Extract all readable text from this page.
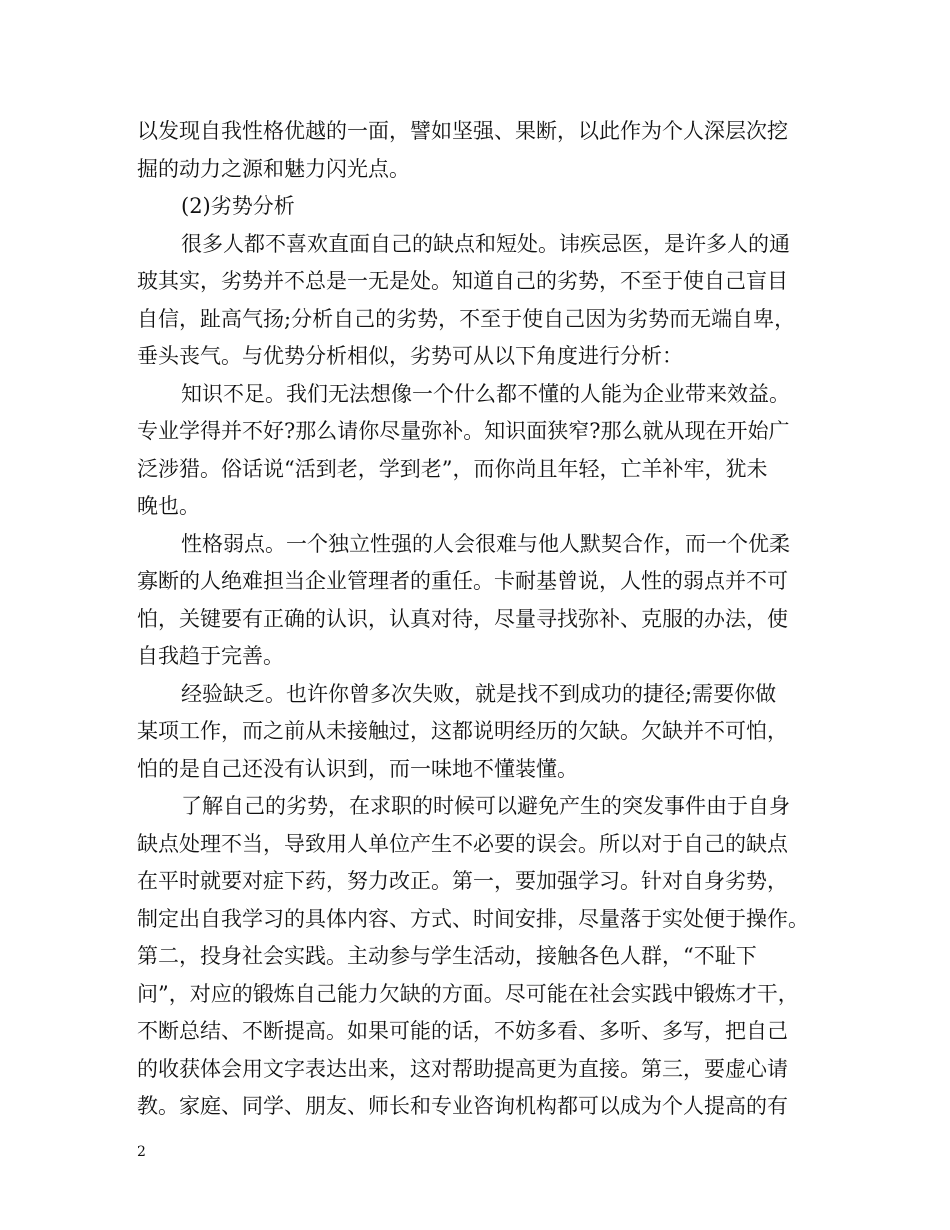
以发现自我性格优越的一面，譬如坚强、果断，以此作为个人深层次挖
掘的动力之源和魅力闪光点。
(2)劣势分析
很多人都不喜欢直面自己的缺点和短处。讳疾忌医，是许多人的通
玻其实，劣势并不总是一无是处。知道自己的劣势，不至于使自己盲目
自信，趾高气扬;分析自己的劣势，不至于使自己因为劣势而无端自卑，
垂头丧气。与优势分析相似，劣势可从以下角度进行分析：
知识不足。我们无法想像一个什么都不懂的人能为企业带来效益。
专业学得并不好?那么请你尽量弥补。知识面狭窄?那么就从现在开始广
泛涉猎。俗话说“活到老，学到老”，而你尚且年轻，亡羊补牢，犹未
晚也。
性格弱点。一个独立性强的人会很难与他人默契合作，而一个优柔
寡断的人绝难担当企业管理者的重任。卡耐基曾说，人性的弱点并不可
怕，关键要有正确的认识，认真对待，尽量寻找弥补、克服的办法，使
自我趋于完善。
经验缺乏。也许你曾多次失败，就是找不到成功的捷径;需要你做
某项工作，而之前从未接触过，这都说明经历的欠缺。欠缺并不可怕，
怕的是自己还没有认识到，而一味地不懂装懂。
了解自己的劣势，在求职的时候可以避免产生的突发事件由于自身
缺点处理不当，导致用人单位产生不必要的误会。所以对于自己的缺点
在平时就要对症下药，努力改正。第一，要加强学习。针对自身劣势，
制定出自我学习的具体内容、方式、时间安排，尽量落于实处便于操作。
第二，投身社会实践。主动参与学生活动，接触各色人群，“不耻下
问”，对应的锻炼自己能力欠缺的方面。尽可能在社会实践中锻炼才干，
不断总结、不断提高。如果可能的话，不妨多看、多听、多写，把自己
的收获体会用文字表达出来，这对帮助提高更为直接。第三，要虚心请
教。家庭、同学、朋友、师长和专业咨询机构都可以成为个人提高的有
2
